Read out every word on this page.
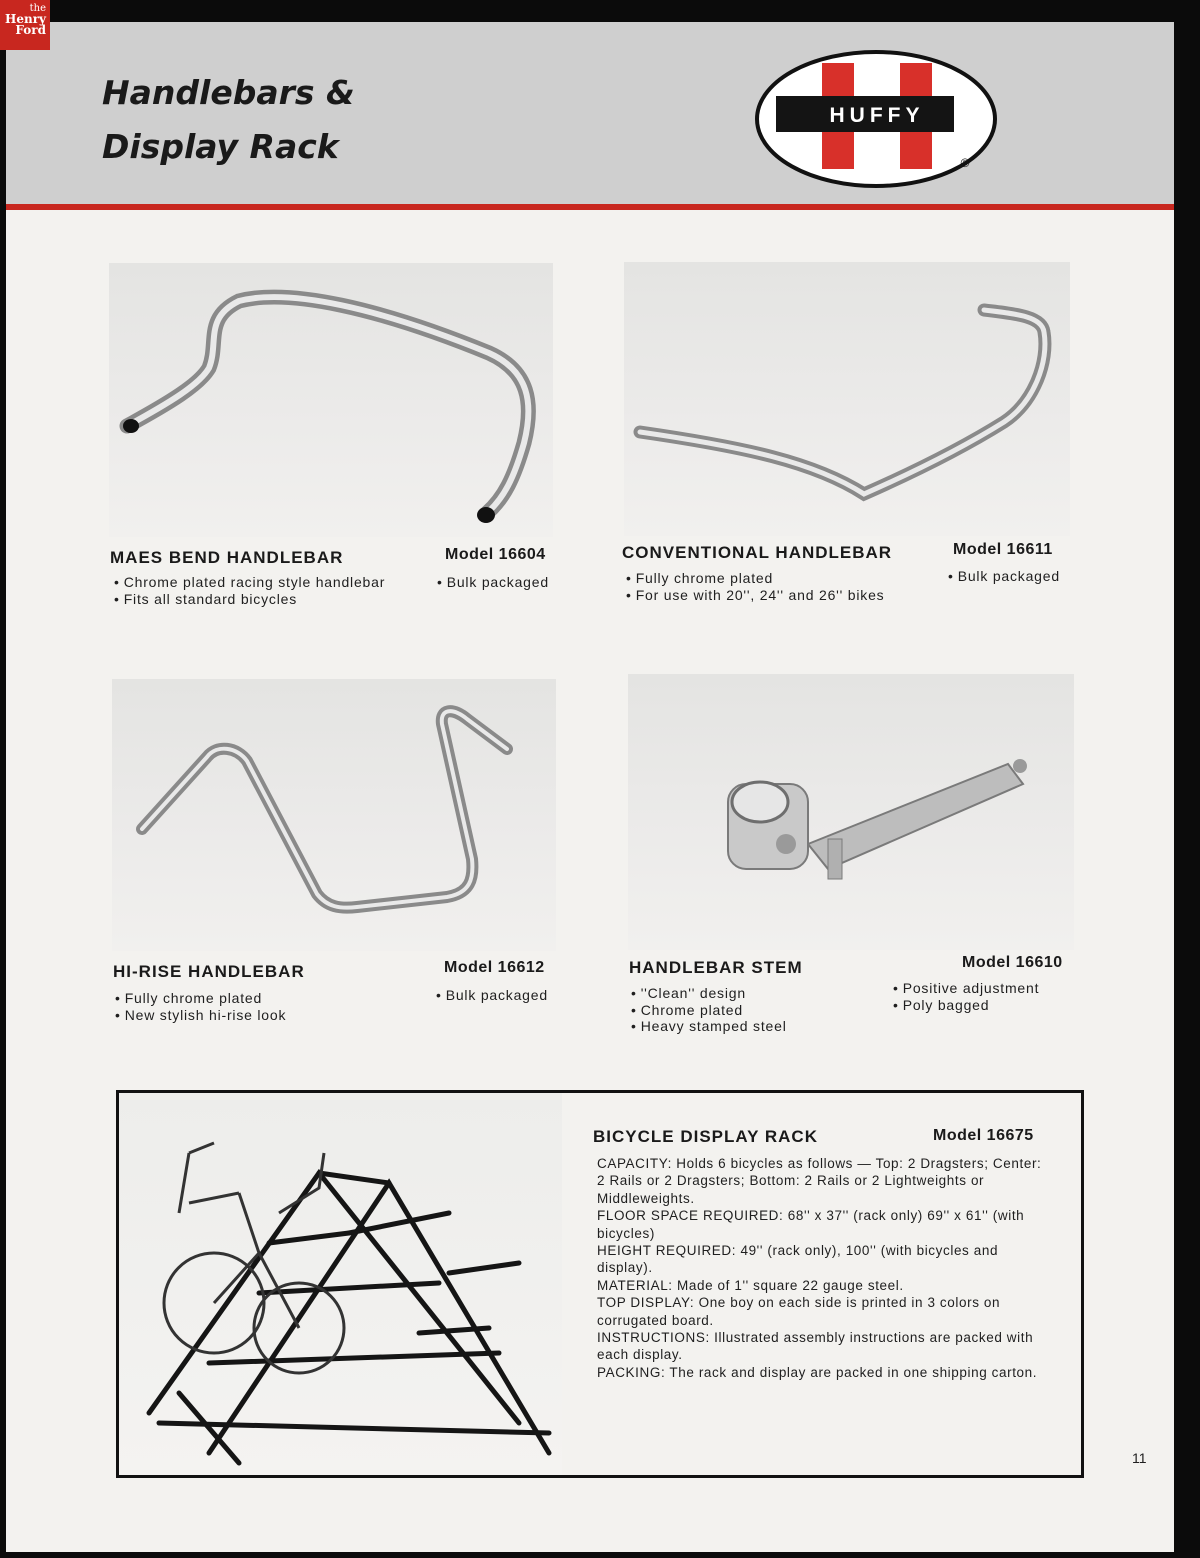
the
Henry
Ford
Handlebars &
Display Rack
HUFFY
®
MAES BEND HANDLEBAR	Model 16604
• Chrome plated racing style handlebar
• Fits all standard bicycles
• Bulk packaged
CONVENTIONAL HANDLEBAR	Model 16611
• Fully chrome plated
• For use with 20'', 24'' and 26'' bikes
• Bulk packaged
HI-RISE HANDLEBAR	Model 16612
• Fully chrome plated
• New stylish hi-rise look
• Bulk packaged
HANDLEBAR STEM	Model 16610
• ''Clean'' design
• Chrome plated
• Heavy stamped steel
• Positive adjustment
• Poly bagged
BICYCLE DISPLAY RACK	Model 16675

CAPACITY: Holds 6 bicycles as follows — Top: 2 Dragsters; Center: 2 Rails or 2 Dragsters; Bottom: 2 Rails or 2 Lightweights or Middleweights.

FLOOR SPACE REQUIRED: 68'' x 37'' (rack only) 69'' x 61'' (with bicycles)

HEIGHT REQUIRED: 49'' (rack only), 100'' (with bicycles and display).

MATERIAL: Made of 1'' square 22 gauge steel.

TOP DISPLAY: One boy on each side is printed in 3 colors on corrugated board.

INSTRUCTIONS: Illustrated assembly instructions are packed with each display.

PACKING: The rack and display are packed in one shipping carton.

11
